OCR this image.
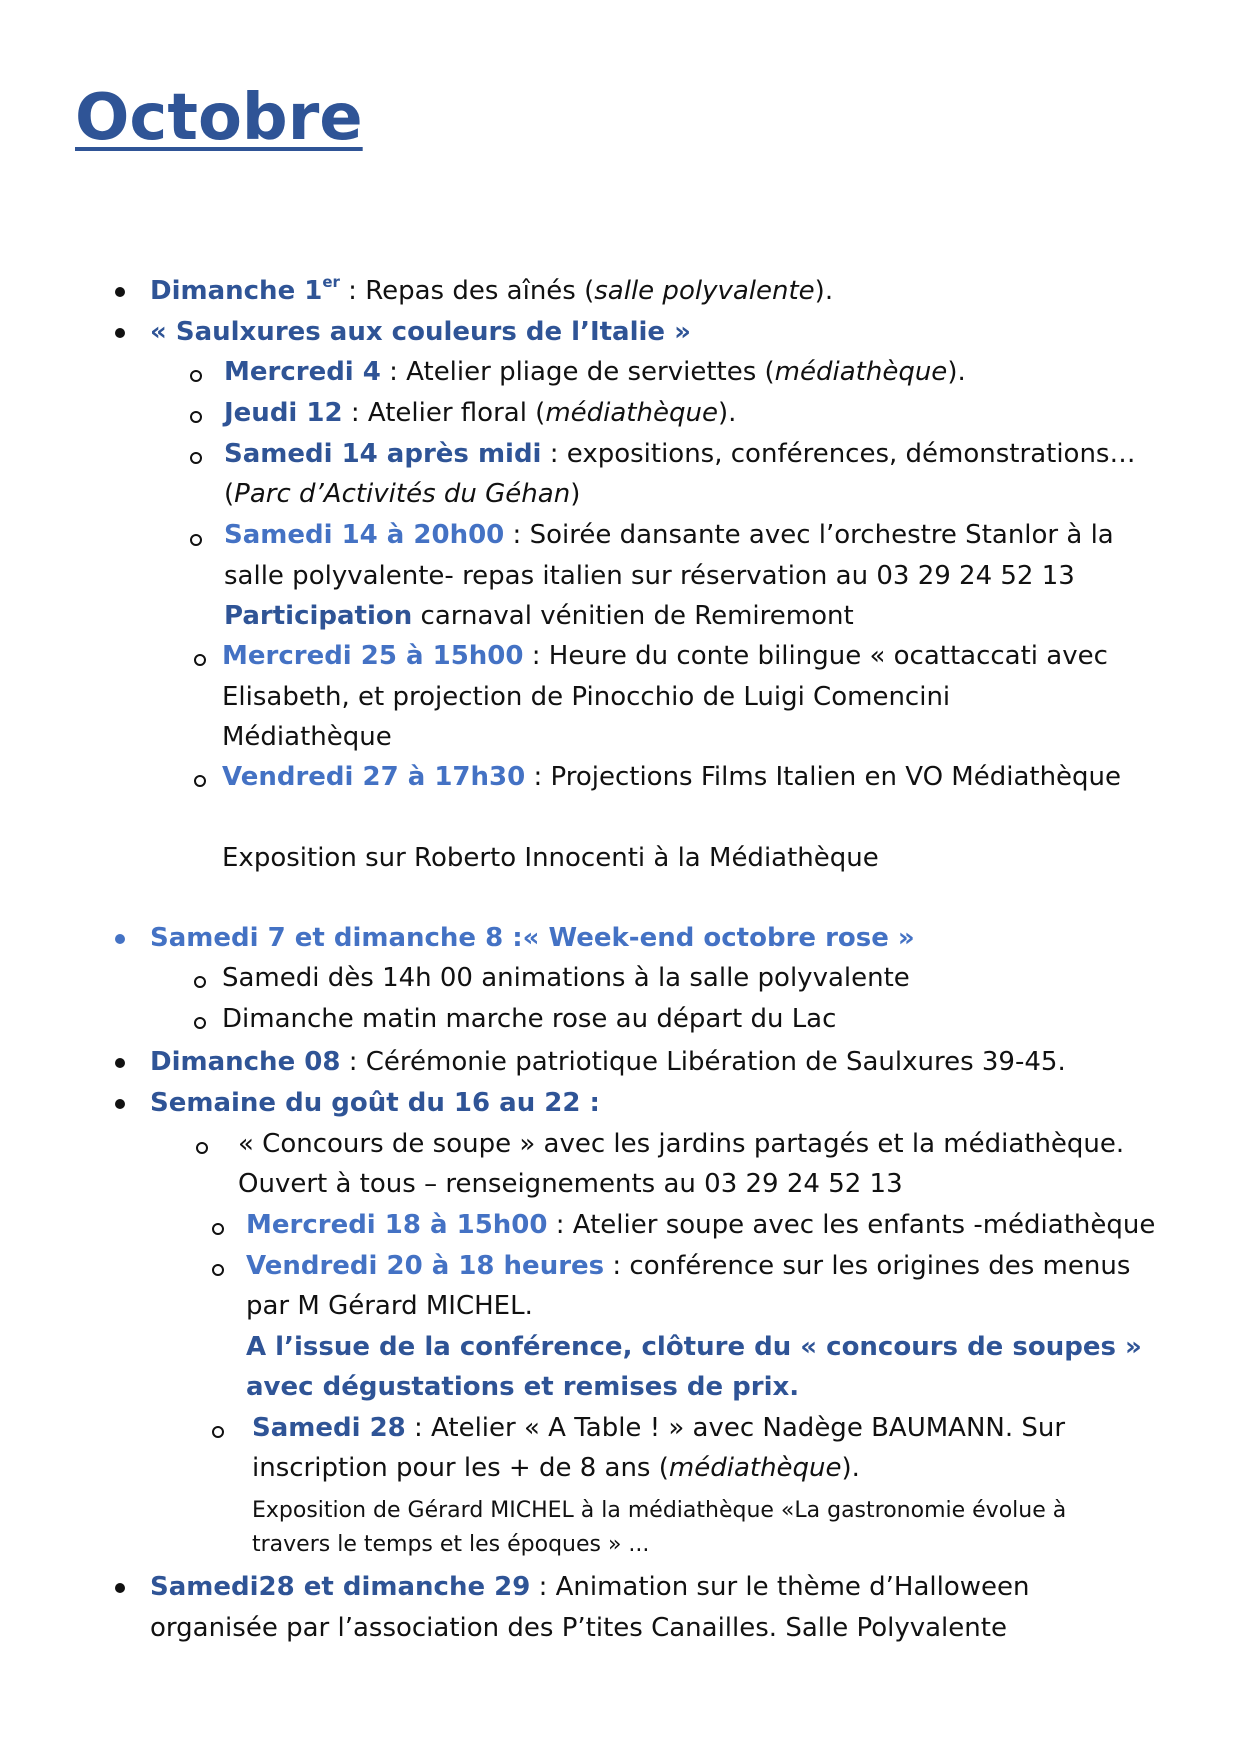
Octobre
Dimanche 1er : Repas des aînés (salle polyvalente).
« Saulxures aux couleurs de l’Italie »
Mercredi 4 : Atelier pliage de serviettes (médiathèque).
Jeudi 12 : Atelier floral (médiathèque).
Samedi 14 après midi : expositions, conférences, démonstrations…
(Parc d’Activités du Géhan)
Samedi 14 à 20h00 : Soirée dansante avec l’orchestre Stanlor à la
salle polyvalente- repas italien sur réservation au 03 29 24 52 13
Participation carnaval vénitien de Remiremont
Mercredi 25 à 15h00 : Heure du conte bilingue « ocattaccati avec
Elisabeth, et projection de Pinocchio de Luigi Comencini
Médiathèque
Vendredi 27 à 17h30 : Projections Films Italien en VO Médiathèque
Exposition sur Roberto Innocenti à la Médiathèque
Samedi 7 et dimanche 8 :« Week-end octobre rose »
Samedi dès 14h 00 animations à la salle polyvalente
Dimanche matin marche rose au départ du Lac
Dimanche 08 : Cérémonie patriotique Libération de Saulxures 39-45.
Semaine du goût du 16 au 22 :
« Concours de soupe » avec les jardins partagés et la médiathèque.
Ouvert à tous – renseignements au 03 29 24 52 13
Mercredi 18 à 15h00 : Atelier soupe avec les enfants -médiathèque
Vendredi 20 à 18 heures : conférence sur les origines des menus
par M Gérard MICHEL.
A l’issue de la conférence, clôture du « concours de soupes »
avec dégustations et remises de prix.
Samedi 28 : Atelier « A Table ! » avec Nadège BAUMANN. Sur
inscription pour les + de 8 ans (médiathèque).
Exposition de Gérard MICHEL à la médiathèque «La gastronomie évolue à
travers le temps et les époques » ...
Samedi28 et dimanche 29 : Animation sur le thème d’Halloween
organisée par l’association des P’tites Canailles. Salle Polyvalente
